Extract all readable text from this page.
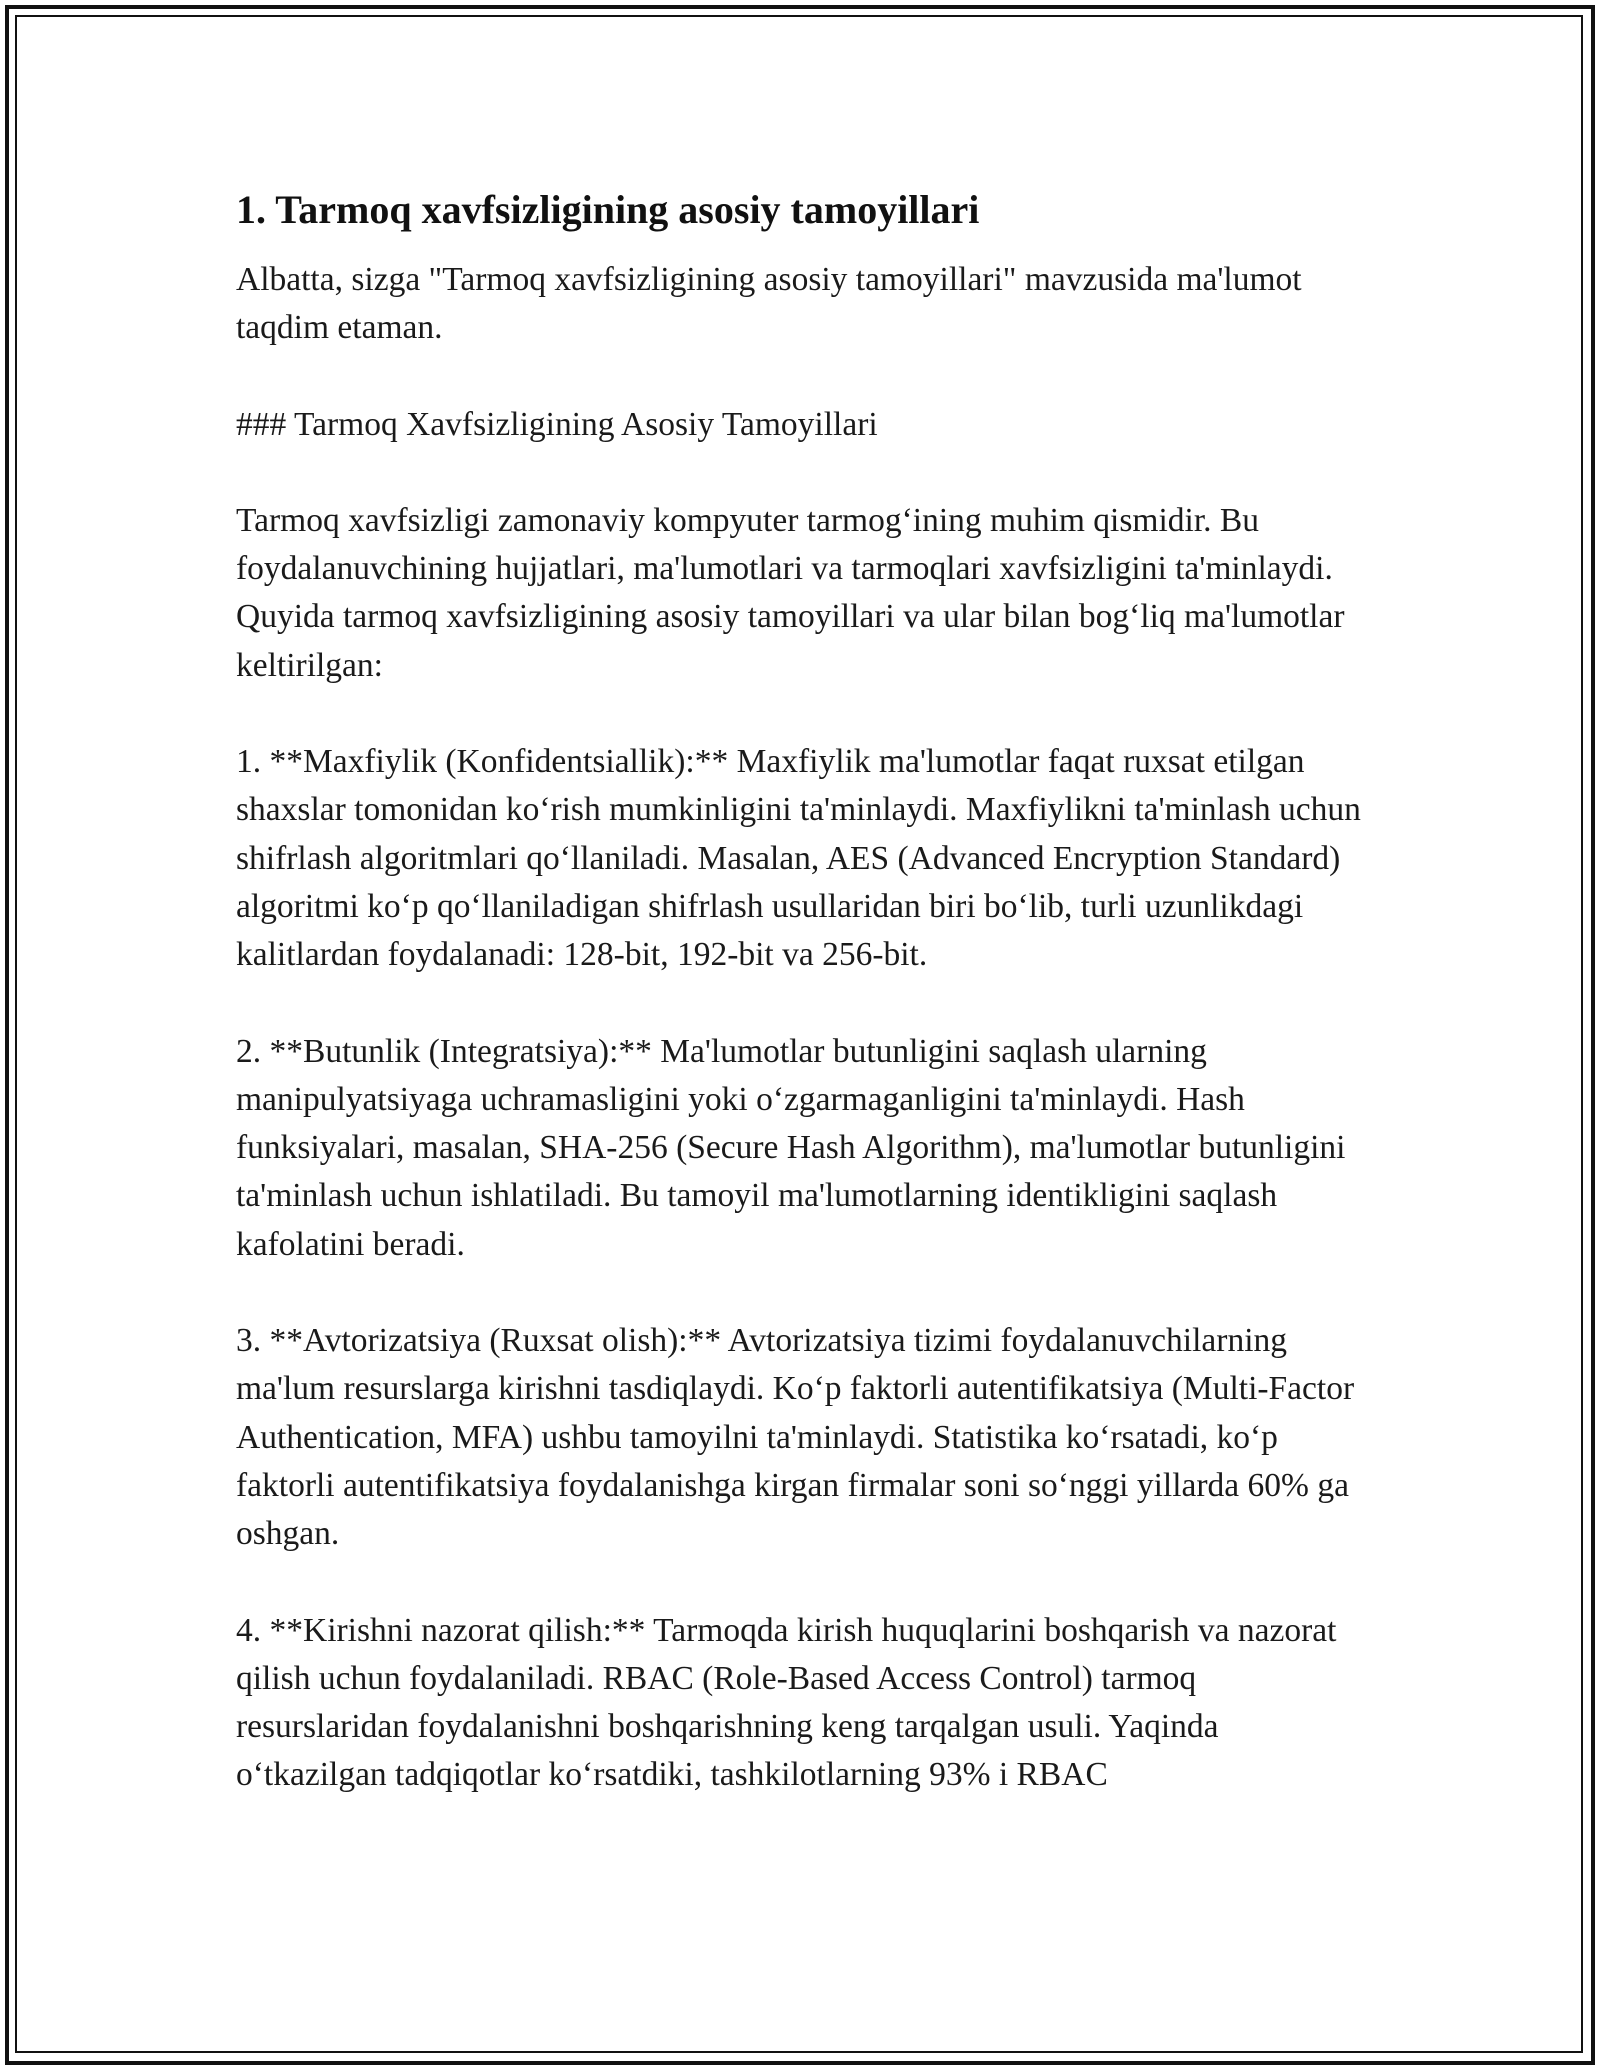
1. Tarmoq xavfsizligining asosiy tamoyillari

Albatta, sizga "Tarmoq xavfsizligining asosiy tamoyillari" mavzusida ma'lumot taqdim etaman.

### Tarmoq Xavfsizligining Asosiy Tamoyillari

Tarmoq xavfsizligi zamonaviy kompyuter tarmog‘ining muhim qismidir. Bu foydalanuvchining hujjatlari, ma'lumotlari va tarmoqlari xavfsizligini ta'minlaydi. Quyida tarmoq xavfsizligining asosiy tamoyillari va ular bilan bog‘liq ma'lumotlar keltirilgan:

1. **Maxfiylik (Konfidentsiallik):** Maxfiylik ma'lumotlar faqat ruxsat etilgan shaxslar tomonidan ko‘rish mumkinligini ta'minlaydi. Maxfiylikni ta'minlash uchun shifrlash algoritmlari qo‘llaniladi. Masalan, AES (Advanced Encryption Standard) algoritmi ko‘p qo‘llaniladigan shifrlash usullaridan biri bo‘lib, turli uzunlikdagi kalitlardan foydalanadi: 128-bit, 192-bit va 256-bit.

2. **Butunlik (Integratsiya):** Ma'lumotlar butunligini saqlash ularning manipulyatsiyaga uchramasligini yoki o‘zgarmaganligini ta'minlaydi. Hash funksiyalari, masalan, SHA-256 (Secure Hash Algorithm), ma'lumotlar butunligini ta'minlash uchun ishlatiladi. Bu tamoyil ma'lumotlarning identikligini saqlash kafolatini beradi.

3. **Avtorizatsiya (Ruxsat olish):** Avtorizatsiya tizimi foydalanuvchilarning ma'lum resurslarga kirishni tasdiqlaydi. Ko‘p faktorli autentifikatsiya (Multi-Factor Authentication, MFA) ushbu tamoyilni ta'minlaydi. Statistika ko‘rsatadi, ko‘p faktorli autentifikatsiya foydalanishga kirgan firmalar soni so‘nggi yillarda 60% ga oshgan.

4. **Kirishni nazorat qilish:** Tarmoqda kirish huquqlarini boshqarish va nazorat qilish uchun foydalaniladi. RBAC (Role-Based Access Control) tarmoq resurslaridan foydalanishni boshqarishning keng tarqalgan usuli. Yaqinda o‘tkazilgan tadqiqotlar ko‘rsatdiki, tashkilotlarning 93% i RBAC
